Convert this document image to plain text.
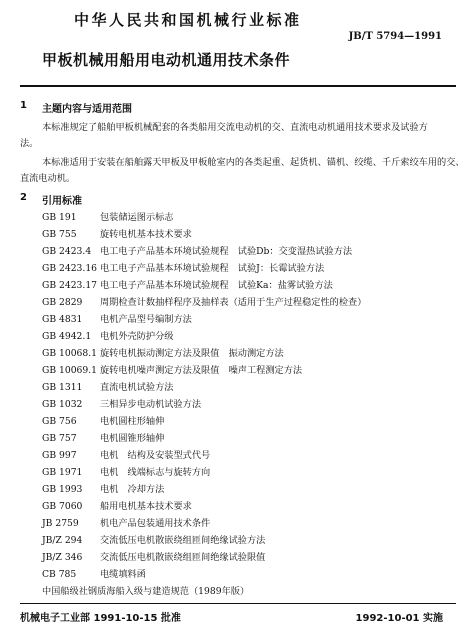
中华人民共和国机械行业标准
JB/T 5794—1991
甲板机械用船用电动机通用技术条件
1 主题内容与适用范围
本标准规定了船舶甲板机械配套的各类船用交流电动机的交、直流电动机通用技术要求及试验方
法。
本标准适用于安装在船舶露天甲板及甲板舱室内的各类起重、起货机、锚机、绞缆、千斤索绞车用的交、
直流电动机。
2 引用标准
GB 191	包装储运图示标志
GB 755	旋转电机基本技术要求
GB 2423.4 电工电子产品基本环境试验规程　试验Db：交变湿热试验方法
GB 2423.16 电工电子产品基本环境试验规程　试验J：长霉试验方法
GB 2423.17 电工电子产品基本环境试验规程　试验Ka：盐雾试验方法
GB 2829 周期检查计数抽样程序及抽样表（适用于生产过程稳定性的检查）
GB 4831 电机产品型号编制方法
GB 4942.1 电机外壳防护分级
GB 10068.1 旋转电机振动测定方法及限值　振动测定方法
GB 10069.1 旋转电机噪声测定方法及限值　噪声工程测定方法
GB 1311 直流电机试验方法
GB 1032 三相异步电动机试验方法
GB 756	电机圆柱形轴伸
GB 757	电机圆锥形轴伸
GB 997	电机　结构及安装型式代号
GB 1971 电机　线端标志与旋转方向
GB 1993 电机　冷却方法
GB 7060 船用电机基本技术要求
JB 2759 机电产品包装通用技术条件
JB/Z 294 交流低压电机散嵌绕组匝间绝缘试验方法
JB/Z 346 交流低压电机散嵌绕组匝间绝缘试验限值
CB 785	电缆填料函
中国船级社钢质海船入级与建造规范（1989年版）
机械电子工业部 1991-10-15 批准	1992-10-01 实施
